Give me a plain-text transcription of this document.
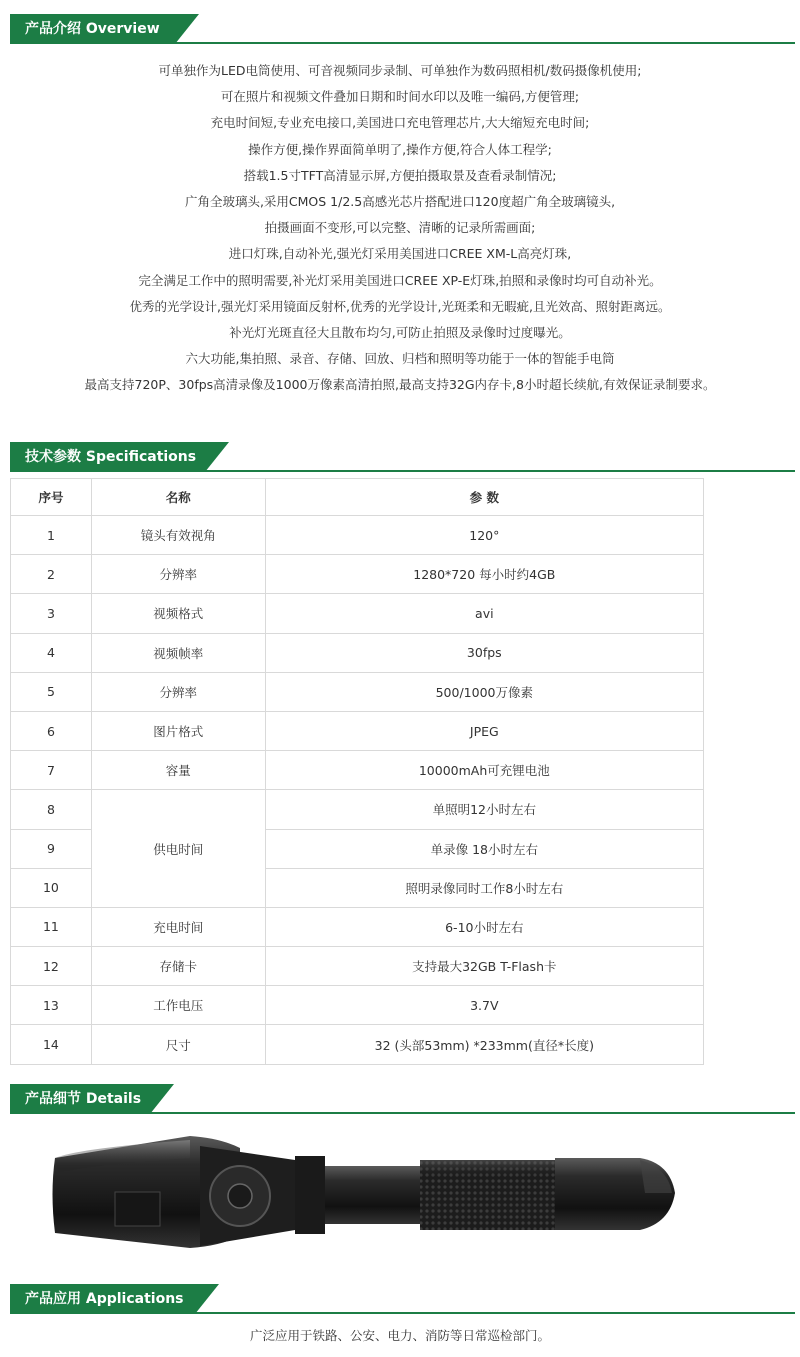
产品介绍 Overview
可单独作为LED电筒使用、可音视频同步录制、可单独作为数码照相机/数码摄像机使用;
可在照片和视频文件叠加日期和时间水印以及唯一编码,方便管理;
充电时间短,专业充电接口,美国进口充电管理芯片,大大缩短充电时间;
操作方便,操作界面简单明了,操作方便,符合人体工程学;
搭载1.5寸TFT高清显示屏,方便拍摄取景及查看录制情况;
广角全玻璃头,采用CMOS 1/2.5高感光芯片搭配进口120度超广角全玻璃镜头,
拍摄画面不变形,可以完整、清晰的记录所需画面;
进口灯珠,自动补光,强光灯采用美国进口CREE XM-L高亮灯珠,
完全满足工作中的照明需要,补光灯采用美国进口CREE XP-E灯珠,拍照和录像时均可自动补光。
优秀的光学设计,强光灯采用镜面反射杯,优秀的光学设计,光斑柔和无暇疵,且光效高、照射距离远。
补光灯光斑直径大且散布均匀,可防止拍照及录像时过度曝光。
六大功能,集拍照、录音、存储、回放、归档和照明等功能于一体的智能手电筒
最高支持720P、30fps高清录像及1000万像素高清拍照,最高支持32G内存卡,8小时超长续航,有效保证录制要求。
技术参数 Specifications
序号	名称	参 数
1	镜头有效视角	120°
2	分辨率	1280*720 每小时约4GB
3	视频格式	avi
4	视频帧率	30fps
5	分辨率	500/1000万像素
6	图片格式	JPEG
7	容量	10000mAh可充锂电池
8	供电时间	单照明12小时左右
9		单录像 18小时左右
10		照明录像同时工作8小时左右
11	充电时间	6-10小时左右
12	存储卡	支持最大32GB T-Flash卡
13	工作电压	3.7V
14	尺寸	32 (头部53mm) *233mm(直径*长度)
产品细节 Details
产品应用 Applications
广泛应用于铁路、公安、电力、消防等日常巡检部门。
